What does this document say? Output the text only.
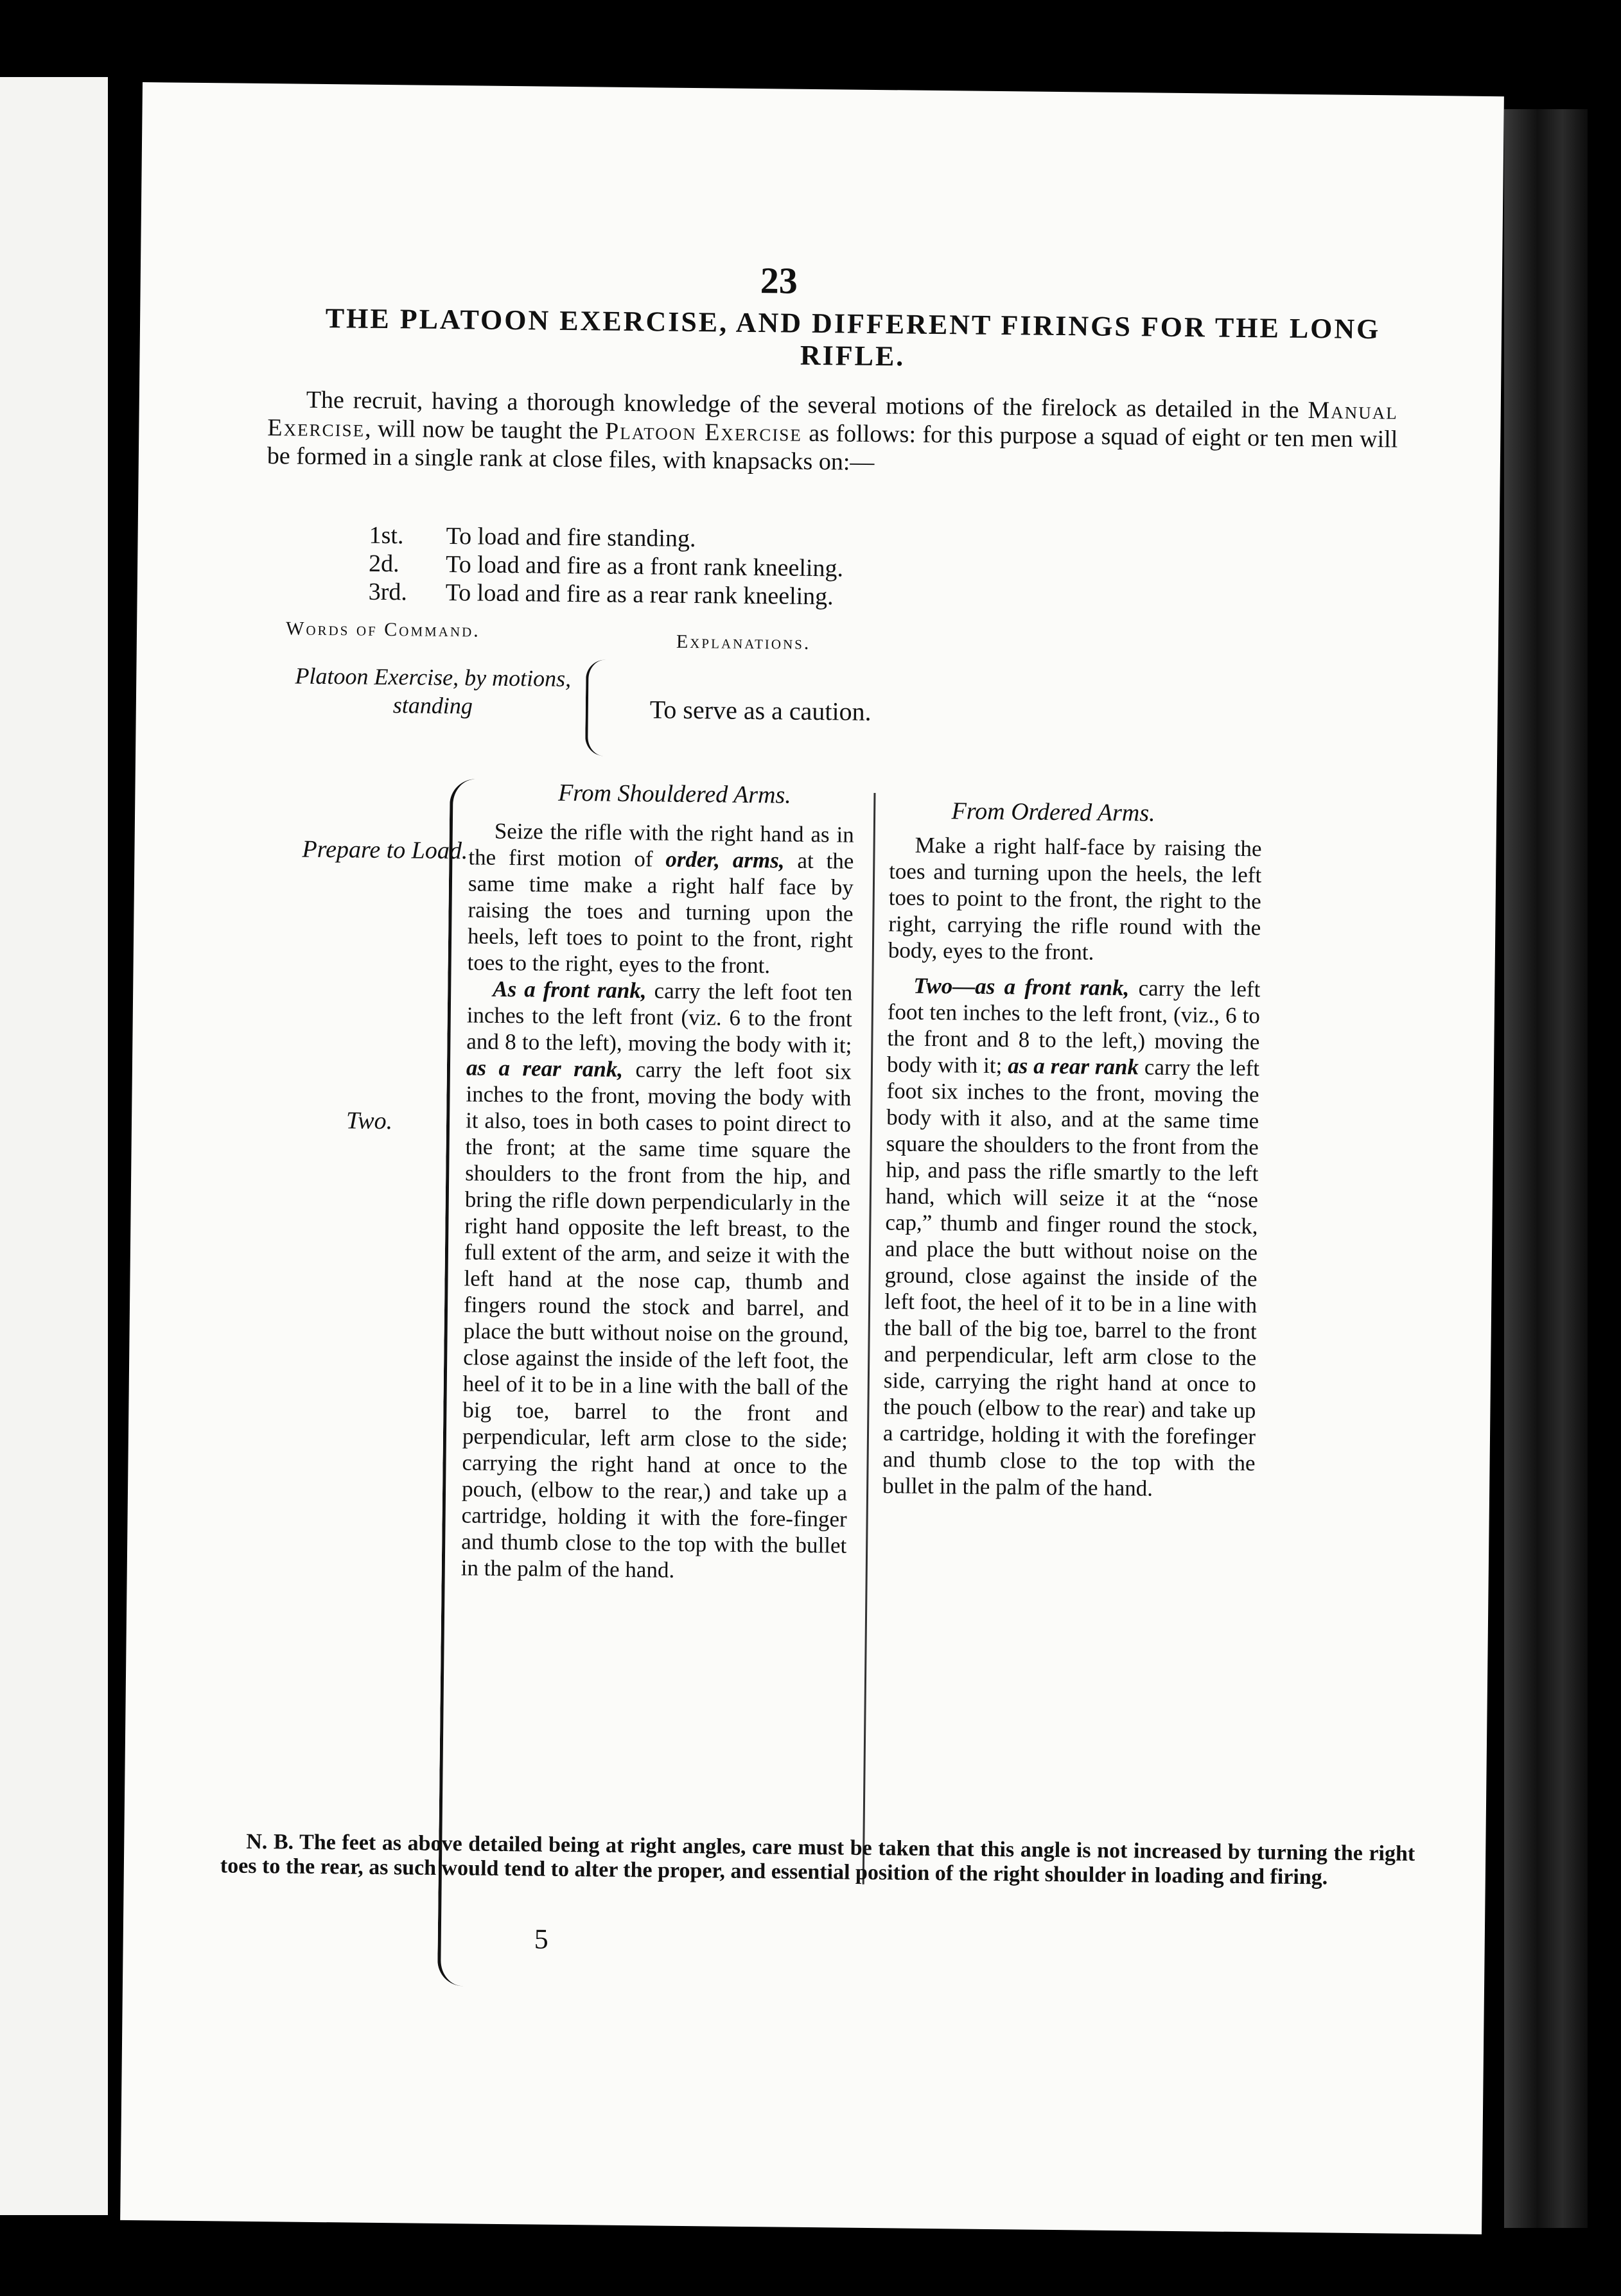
23
THE PLATOON EXERCISE, AND DIFFERENT FIRINGS FOR THE LONG RIFLE.
The recruit, having a thorough knowledge of the several motions of the firelock as detailed in the Manual Exercise, will now be taught the Platoon Exercise as follows: for this purpose a squad of eight or ten men will be formed in a single rank at close files, with knapsacks on:—
1st. To load and fire standing.
2d. To load and fire as a front rank kneeling.
3rd. To load and fire as a rear rank kneeling.
Words of Command.
Explanations.
Platoon Exercise, by motions, standing	To serve as a caution.
From Shouldered Arms.
From Ordered Arms.
Prepare to Load.
Two.

Seize the rifle with the right hand as in the first motion of order, arms, at the same time make a right half face by raising the toes and turning upon the heels, left toes to point to the front, right toes to the right, eyes to the front.

As a front rank, carry the left foot ten inches to the left front (viz. 6 to the front and 8 to the left), moving the body with it; as a rear rank, carry the left foot six inches to the front, moving the body with it also, toes in both cases to point direct to the front; at the same time square the shoulders to the front from the hip, and bring the rifle down perpendicularly in the right hand opposite the left breast, to the full extent of the arm, and seize it with the left hand at the nose cap, thumb and fingers round the stock and barrel, and place the butt without noise on the ground, close against the inside of the left foot, the heel of it to be in a line with the ball of the big toe, barrel to the front and perpendicular, left arm close to the side; carrying the right hand at once to the pouch, (elbow to the rear,) and take up a cartridge, holding it with the fore-finger and thumb close to the top with the bullet in the palm of the hand.

Make a right half-face by raising the toes and turning upon the heels, the left toes to point to the front, the right to the right, carrying the rifle round with the body, eyes to the front.

Two—as a front rank, carry the left foot ten inches to the left front, (viz., 6 to the front and 8 to the left,) moving the body with it; as a rear rank carry the left foot six inches to the front, moving the body with it also, and at the same time square the shoulders to the front from the hip, and pass the rifle smartly to the left hand, which will seize it at the “nose cap,” thumb and finger round the stock, and place the butt without noise on the ground, close against the inside of the left foot, the heel of it to be in a line with the ball of the big toe, barrel to the front and perpendicular, left arm close to the side, carrying the right hand at once to the pouch (elbow to the rear) and take up a cartridge, holding it with the forefinger and thumb close to the top with the bullet in the palm of the hand.

N. B. The feet as above detailed being at right angles, care must be taken that this angle is not increased by turning the right toes to the rear, as such would tend to alter the proper, and essential position of the right shoulder in loading and firing.
5
